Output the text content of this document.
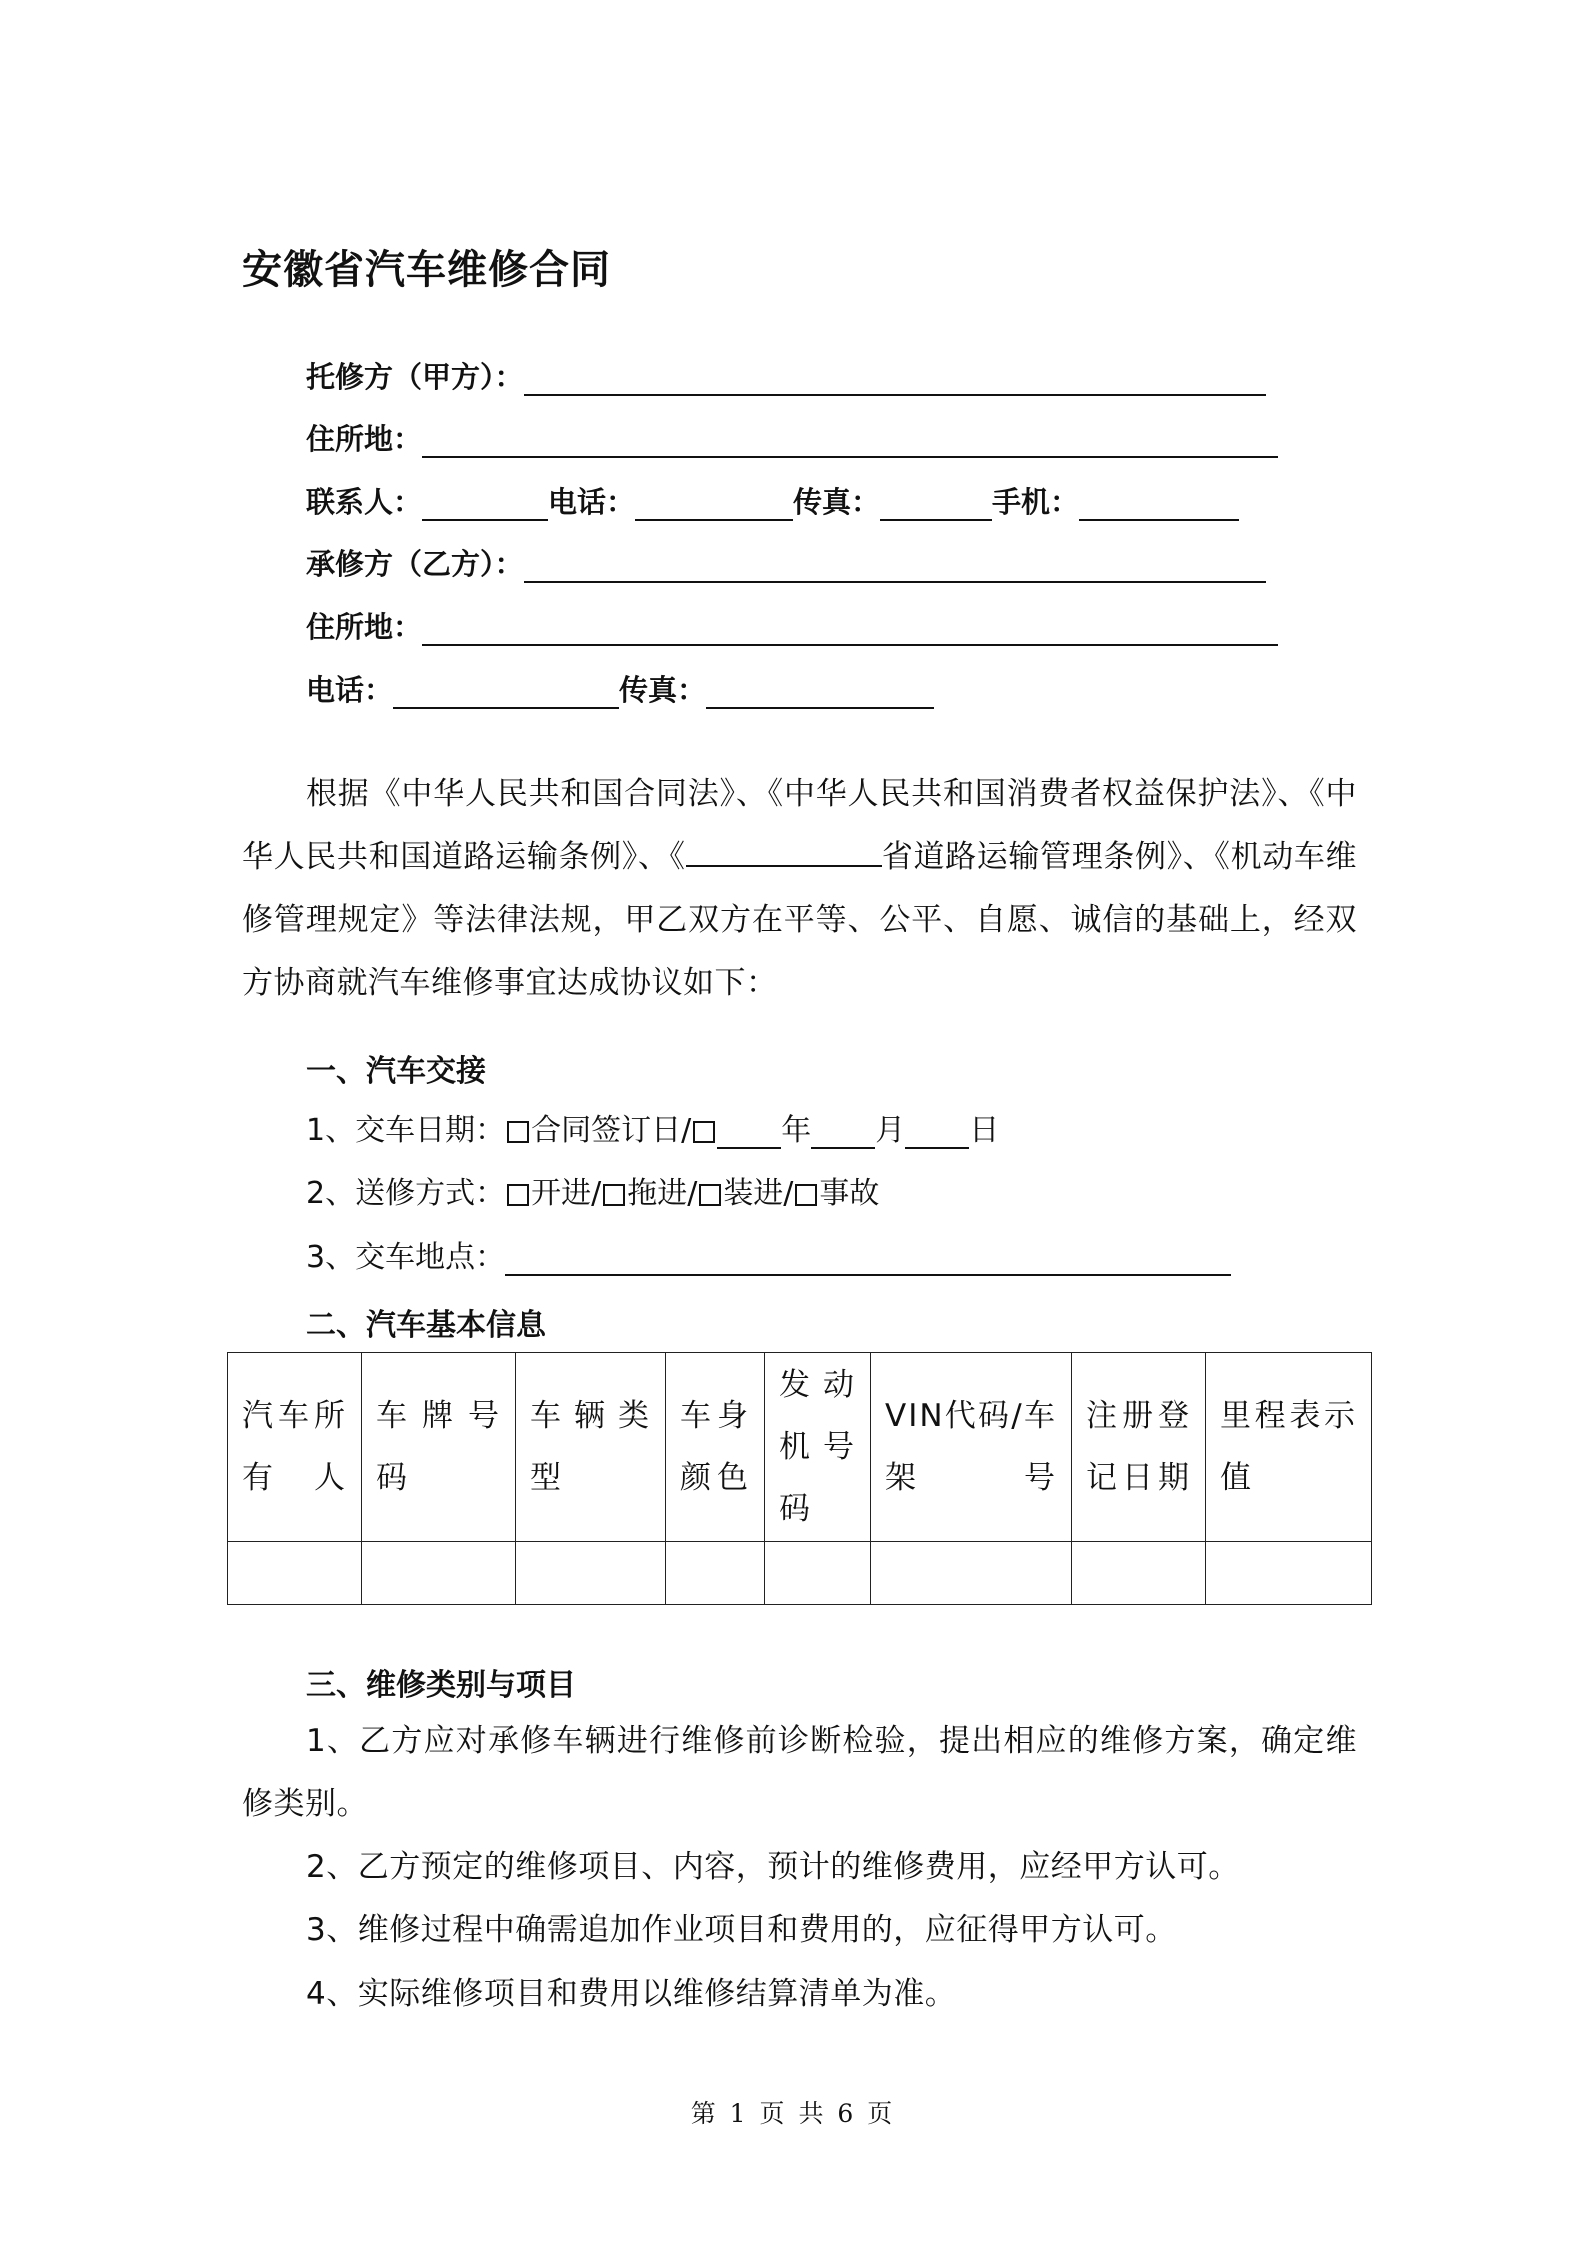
安徽省汽车维修合同
托修方（甲方）：
住所地：
联系人：	电话：	传真：	手机：
承修方（乙方）：
住所地：
电话：	传真：
根据《中华人民共和国合同法》、《中华人民共和国消费者权益保护法》、《中华人民共和国道路运输条例》、《	省道路运输管理条例》、《机动车维修管理规定》等法律法规，甲乙双方在平等、公平、自愿、诚信的基础上，经双方协商就汽车维修事宜达成协议如下：
一、汽车交接
1、交车日期： 合同签订日/	年 月 日
2、送修方式： 开进/ 拖进/ 装进/ 事故
3、交车地点：
二、汽车基本信息
汽车所有人	车牌号码	车辆类型	车身颜色	发动机号码	VIN代码/车架号	注册登记日期	里程表示值

三、维修类别与项目
1、乙方应对承修车辆进行维修前诊断检验，提出相应的维修方案，确定维修类别。
2、乙方预定的维修项目、内容，预计的维修费用，应经甲方认可。
3、维修过程中确需追加作业项目和费用的，应征得甲方认可。
4、实际维修项目和费用以维修结算清单为准。
第 1 页 共 6 页
